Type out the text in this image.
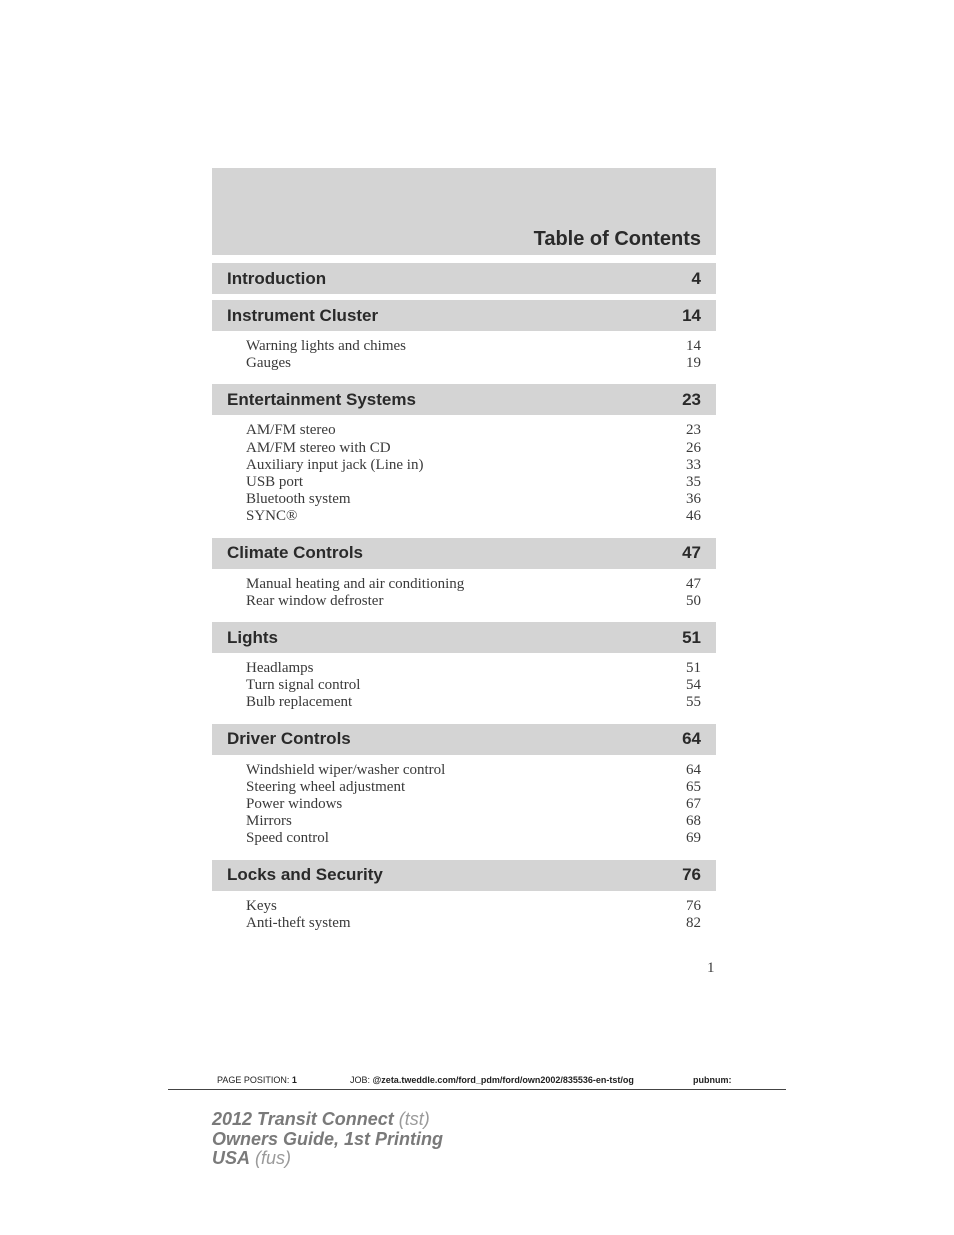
Table of Contents
Introduction	4
Instrument Cluster	14
Warning lights and chimes	14
Gauges	19
Entertainment Systems	23
AM/FM stereo	23
AM/FM stereo with CD	26
Auxiliary input jack (Line in)	33
USB port	35
Bluetooth system	36
SYNC®	46
Climate Controls	47
Manual heating and air conditioning	47
Rear window defroster	50
Lights	51
Headlamps	51
Turn signal control	54
Bulb replacement	55
Driver Controls	64
Windshield wiper/washer control	64
Steering wheel adjustment	65
Power windows	67
Mirrors	68
Speed control	69
Locks and Security	76
Keys	76
Anti-theft system	82
1
PAGE POSITION: 1	JOB: @zeta.tweddle.com/ford_pdm/ford/own2002/835536-en-tst/og	pubnum:
2012 Transit Connect (tst)
Owners Guide, 1st Printing
USA (fus)
